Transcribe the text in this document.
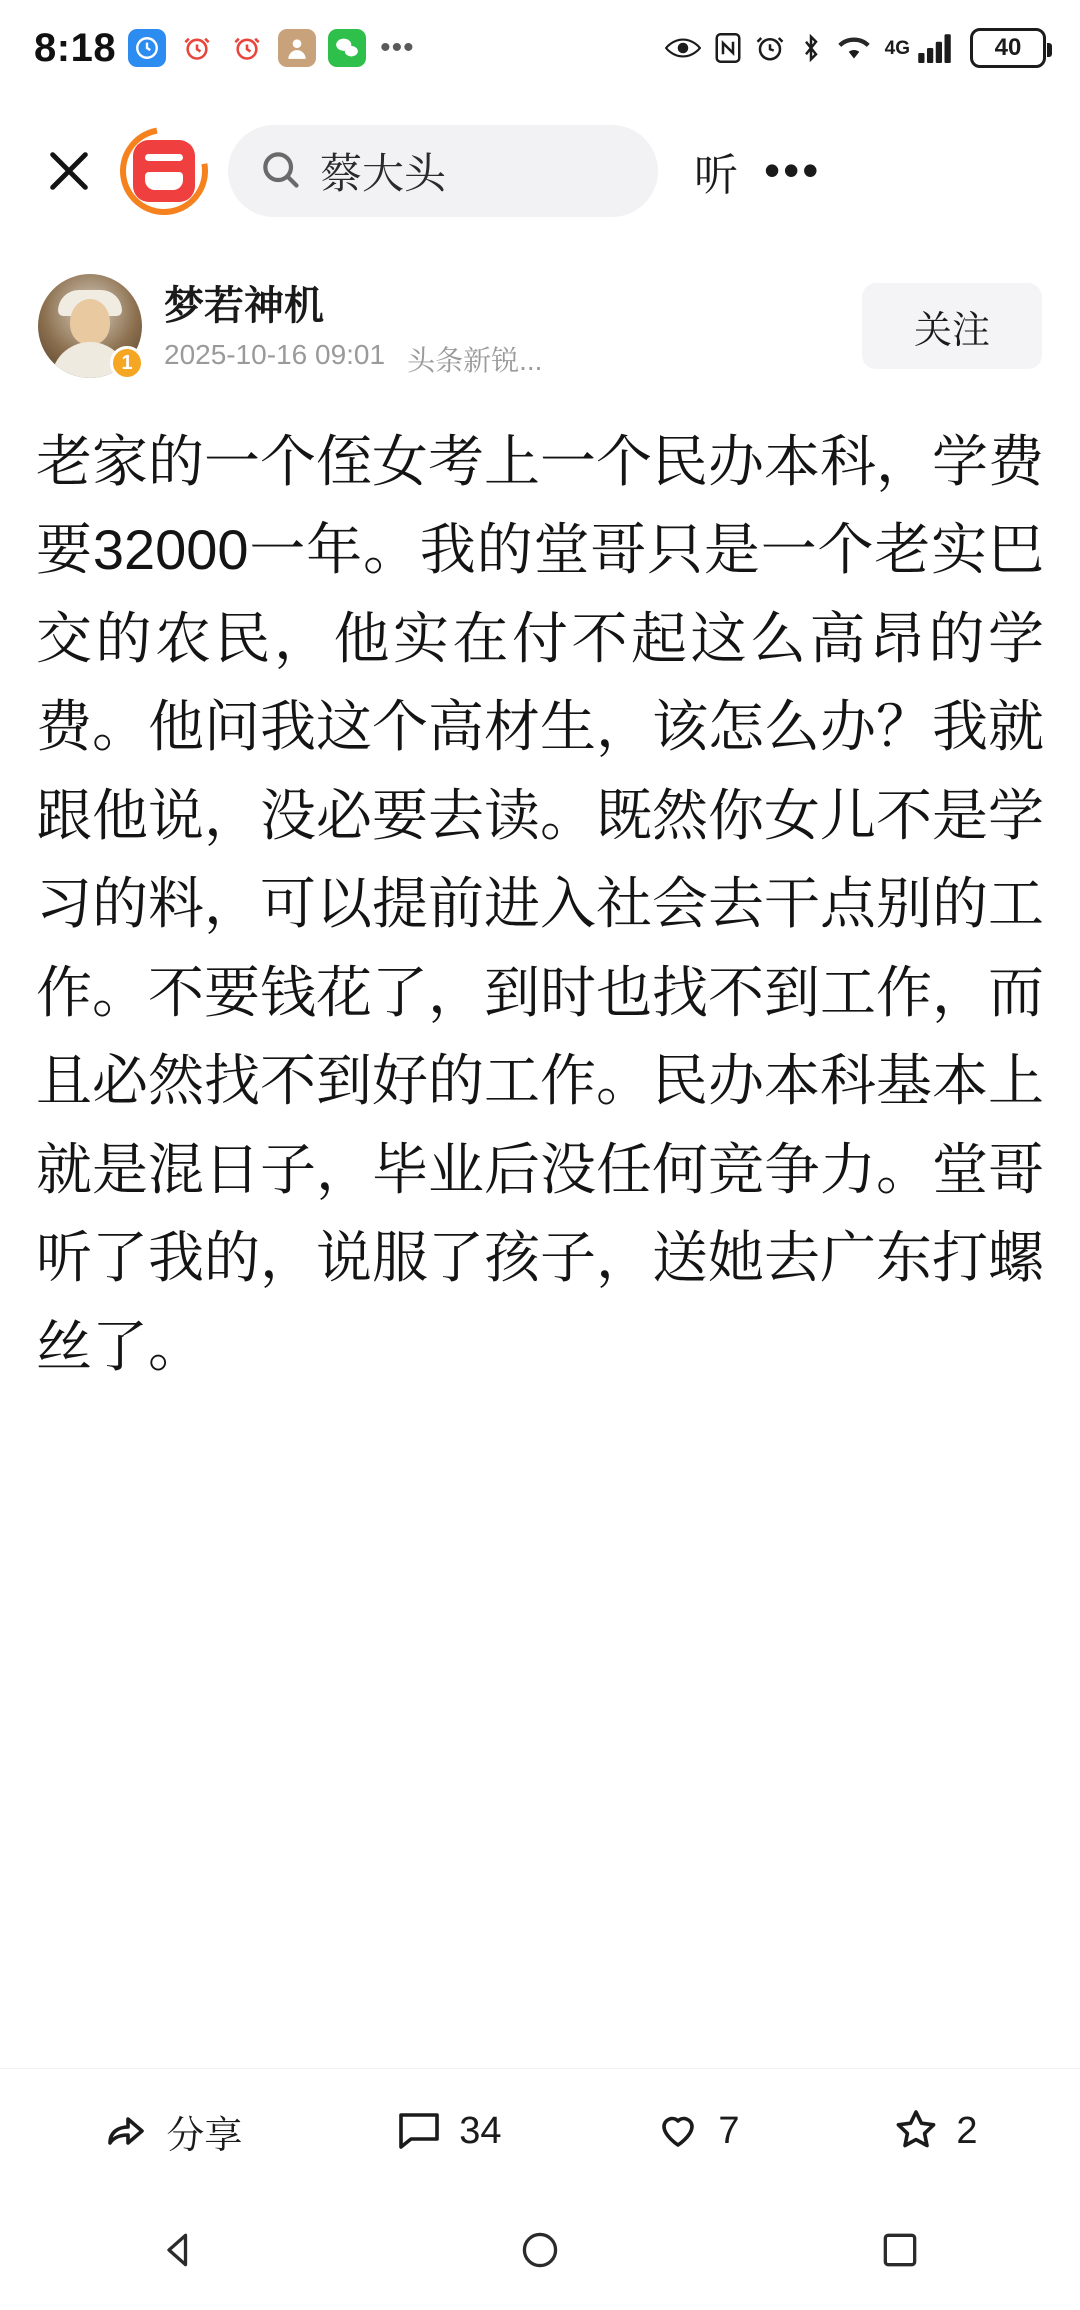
8:18	•••	4G	40
蔡大头	听 •••
1
梦若神机
2025-10-16 09:01 头条新锐...
关注

老家的一个侄女考上一个民办本科，学费要32000一年。我的堂哥只是一个老实巴交的农民，他实在付不起这么高昂的学费。他问我这个高材生，该怎么办？我就跟他说，没必要去读。既然你女儿不是学习的料，可以提前进入社会去干点别的工作。不要钱花了，到时也找不到工作，而且必然找不到好的工作。民办本科基本上就是混日子，毕业后没任何竞争力。堂哥听了我的，说服了孩子，送她去广东打螺丝了。

分享	34	7	2
